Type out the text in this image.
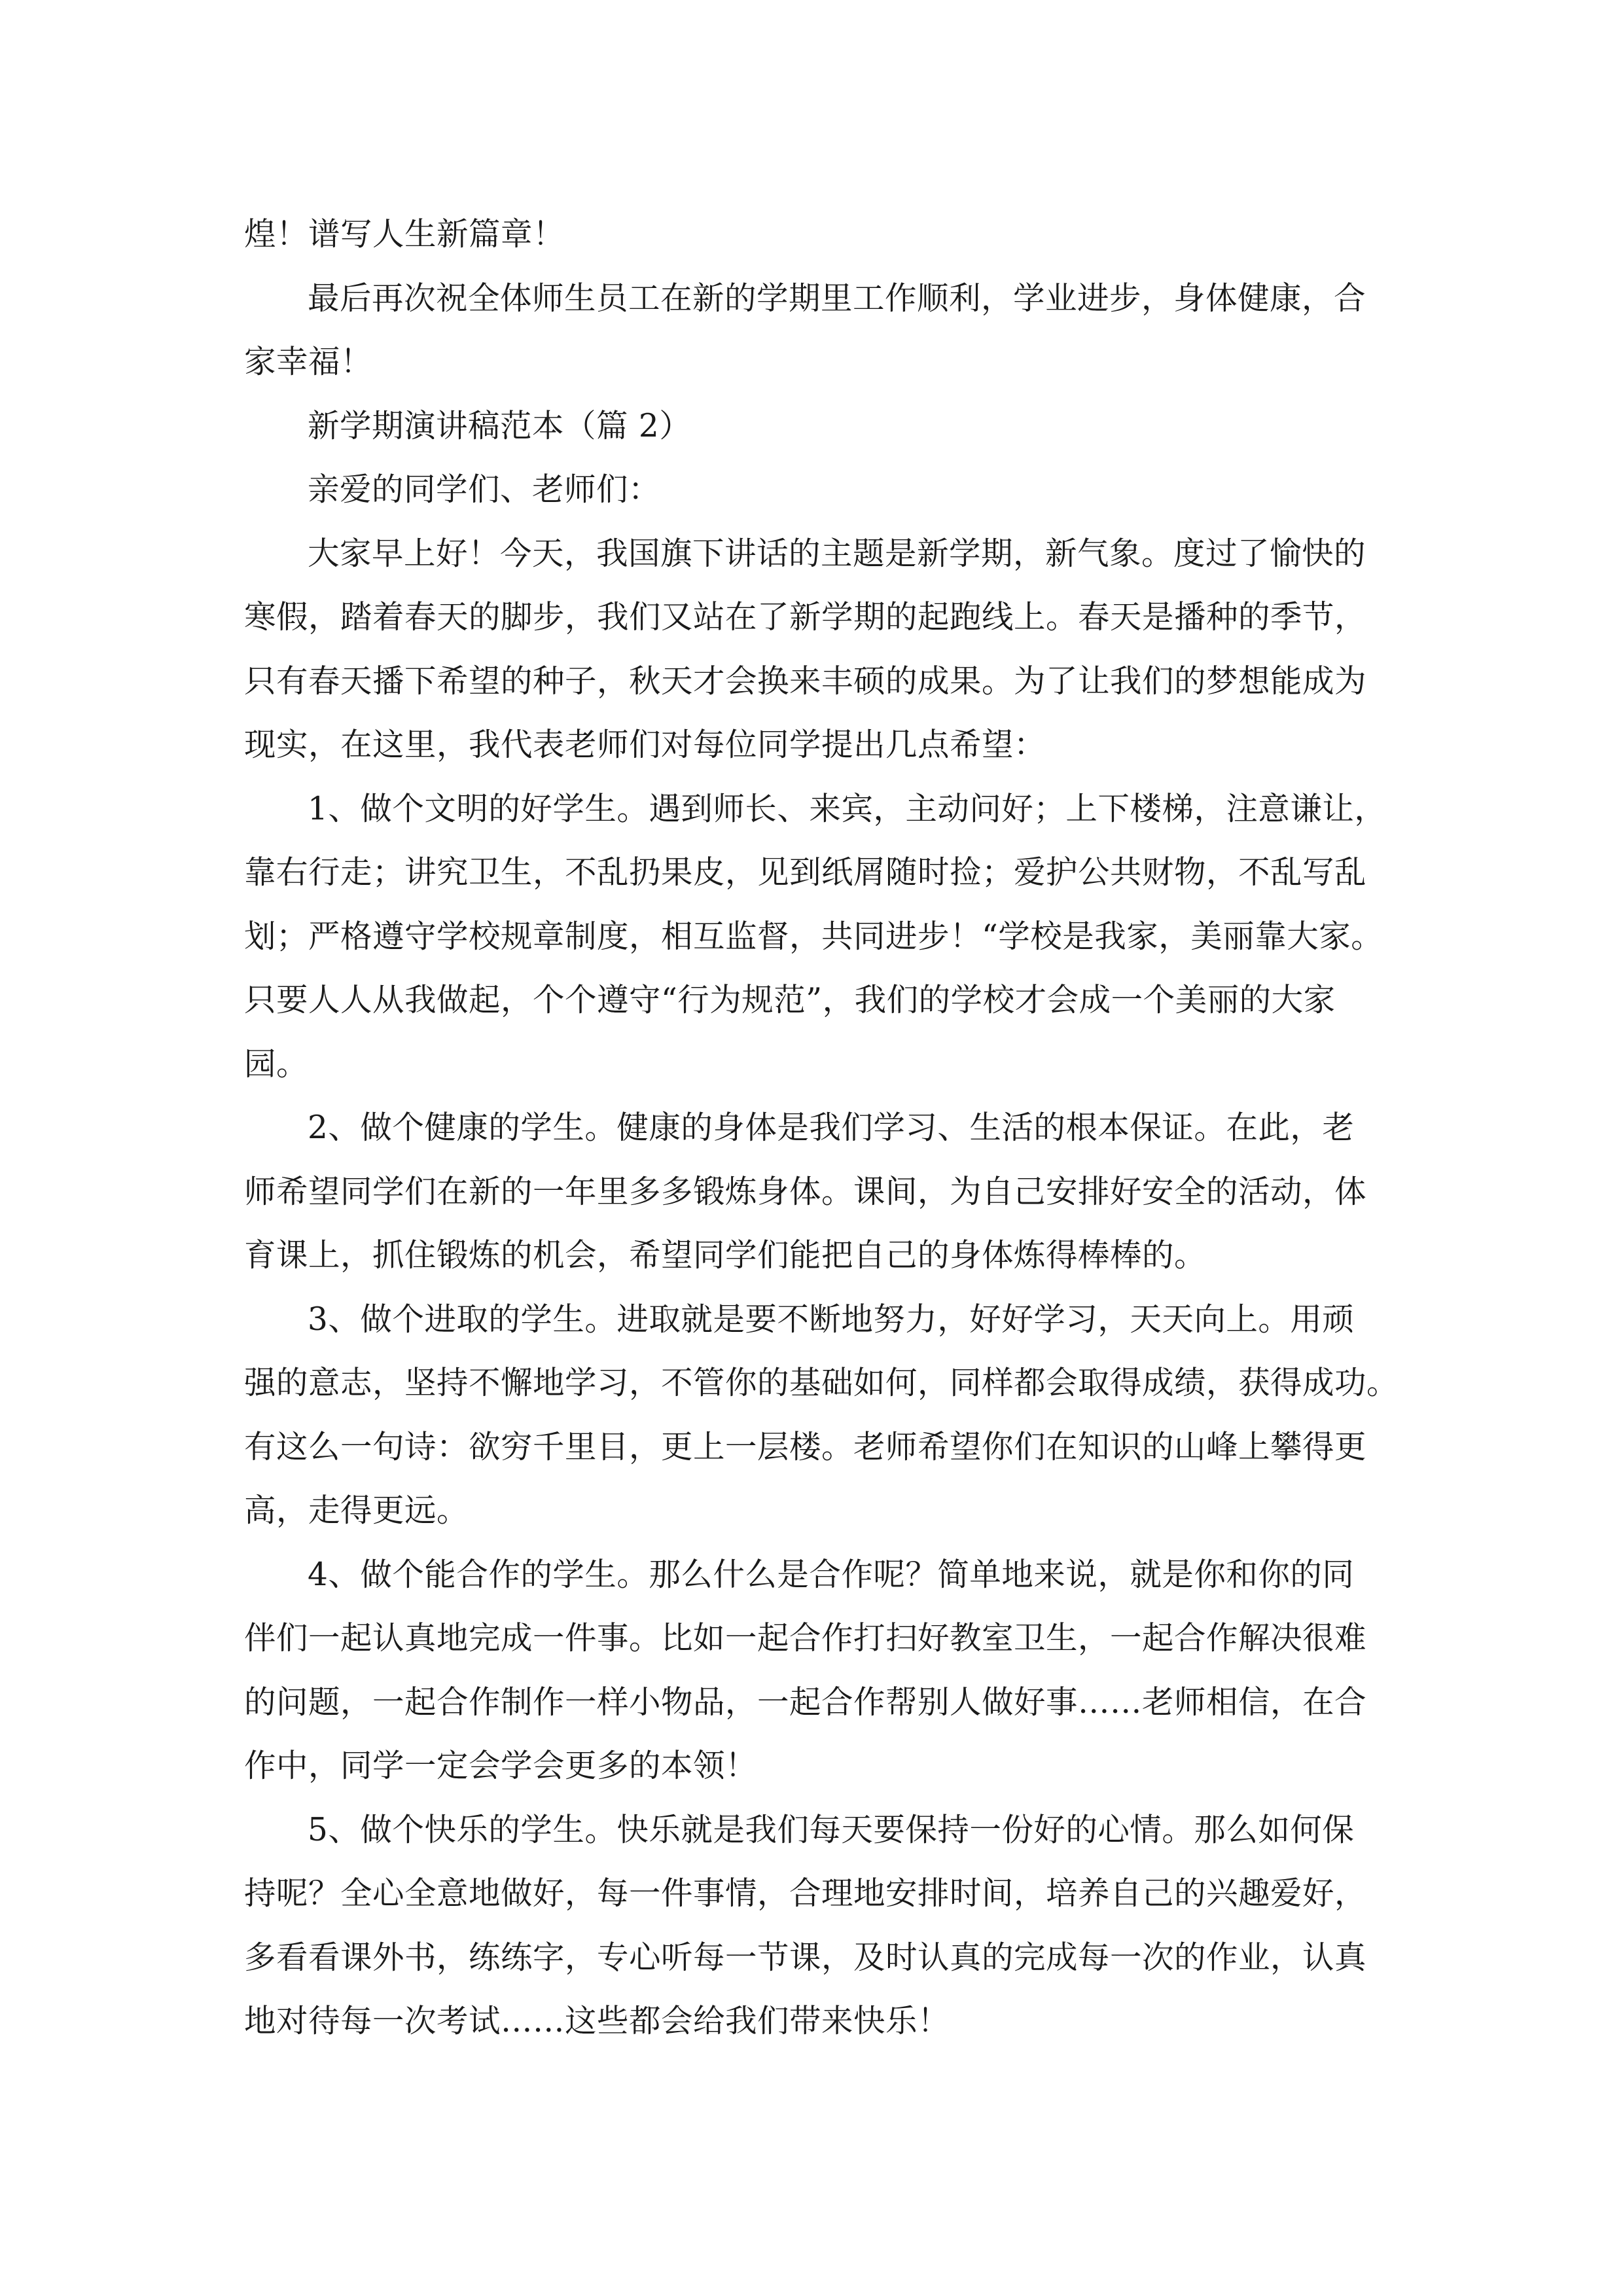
煌！谱写人生新篇章！

最后再次祝全体师生员工在新的学期里工作顺利，学业进步，身体健康，合
家幸福！

新学期演讲稿范本（篇 2）

亲爱的同学们、老师们：

大家早上好！今天，我国旗下讲话的主题是新学期，新气象。度过了愉快的
寒假，踏着春天的脚步，我们又站在了新学期的起跑线上。春天是播种的季节，
只有春天播下希望的种子，秋天才会换来丰硕的成果。为了让我们的梦想能成为
现实，在这里，我代表老师们对每位同学提出几点希望：

1、做个文明的好学生。遇到师长、来宾，主动问好；上下楼梯，注意谦让，
靠右行走；讲究卫生，不乱扔果皮，见到纸屑随时捡；爱护公共财物，不乱写乱
划；严格遵守学校规章制度，相互监督，共同进步！“学校是我家，美丽靠大家。
只要人人从我做起，个个遵守“行为规范”，我们的学校才会成一个美丽的大家
园。

2、做个健康的学生。健康的身体是我们学习、生活的根本保证。在此，老
师希望同学们在新的一年里多多锻炼身体。课间，为自己安排好安全的活动，体
育课上，抓住锻炼的机会，希望同学们能把自己的身体炼得棒棒的。

3、做个进取的学生。进取就是要不断地努力，好好学习，天天向上。用顽
强的意志，坚持不懈地学习，不管你的基础如何，同样都会取得成绩，获得成功。
有这么一句诗：欲穷千里目，更上一层楼。老师希望你们在知识的山峰上攀得更
高，走得更远。

4、做个能合作的学生。那么什么是合作呢？简单地来说，就是你和你的同
伴们一起认真地完成一件事。比如一起合作打扫好教室卫生，一起合作解决很难
的问题，一起合作制作一样小物品，一起合作帮别人做好事……老师相信，在合
作中，同学一定会学会更多的本领！

5、做个快乐的学生。快乐就是我们每天要保持一份好的心情。那么如何保
持呢？全心全意地做好，每一件事情，合理地安排时间，培养自己的兴趣爱好，
多看看课外书，练练字，专心听每一节课，及时认真的完成每一次的作业，认真
地对待每一次考试……这些都会给我们带来快乐！
